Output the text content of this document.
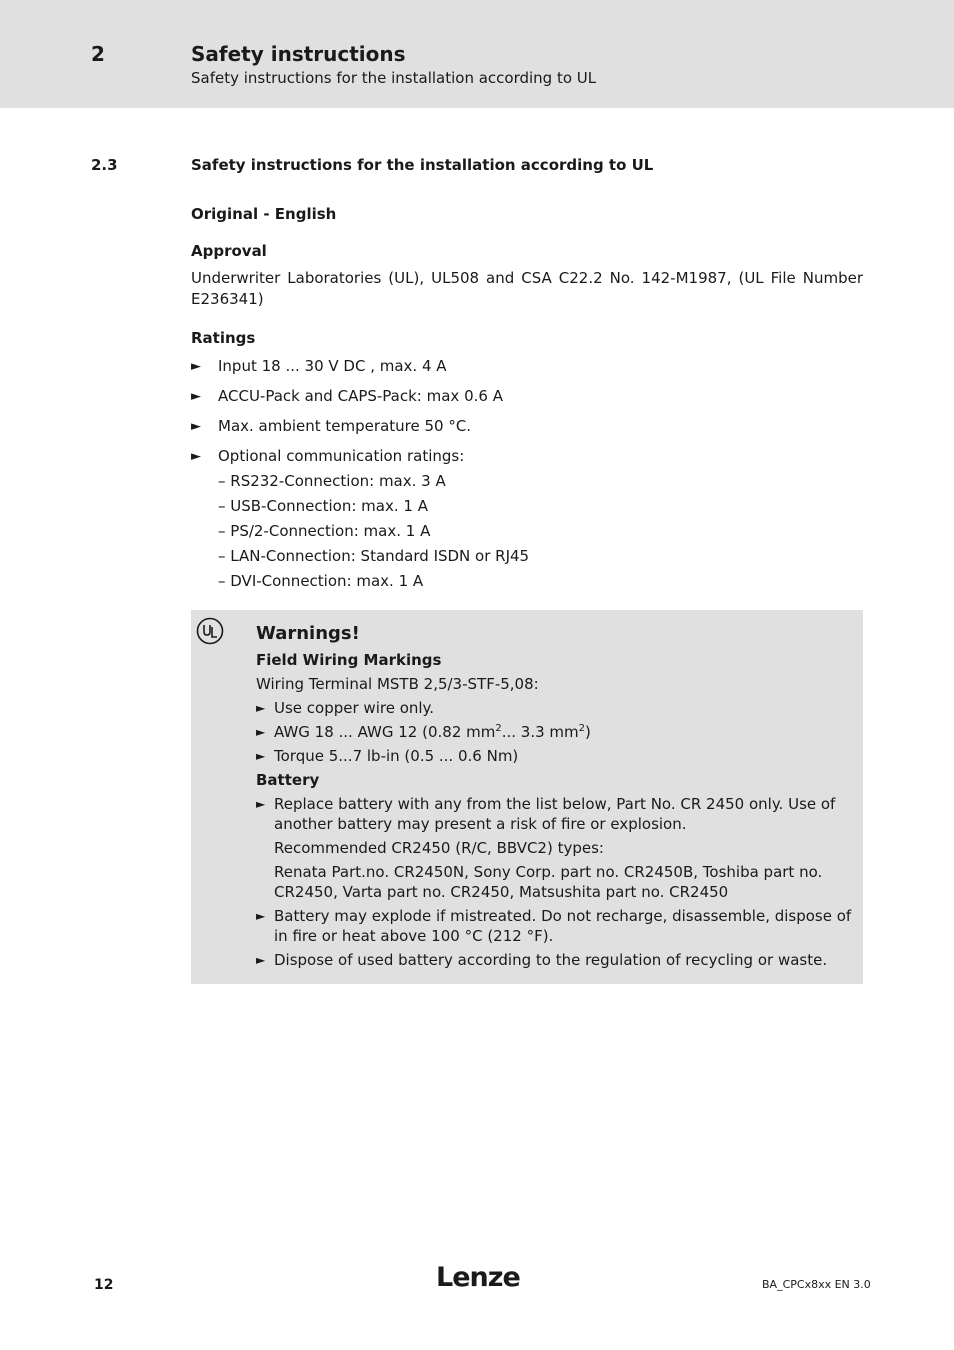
2	Safety instructions
Safety instructions for the installation according to UL
2.3	Safety instructions for the installation according to UL

Original - English

Approval

Underwriter Laboratories (UL), UL508 and CSA C22.2 No. 142-M1987, (UL File Number E236341)

Ratings

► Input 18 ... 30 V DC , max. 4 A
► ACCU-Pack and CAPS-Pack: max 0.6 A
► Max. ambient temperature 50 °C.
► Optional communication ratings:
– RS232-Connection: max. 3 A
– USB-Connection: max. 1 A
– PS/2-Connection: max. 1 A
– LAN-Connection: Standard ISDN or RJ45
– DVI-Connection: max. 1 A

Warnings!

Field Wiring Markings

Wiring Terminal MSTB 2,5/3-STF-5,08:

► Use copper wire only.
► AWG 18 ... AWG 12 (0.82 $mm^2$... 3.3 $mm^2$)
► Torque 5...7 lb-in (0.5 ... 0.6 Nm)

Battery

► Replace battery with any from the list below, Part No. CR 2450 only. Use of another battery may present a risk of fire or explosion.

Recommended CR2450 (R/C, BBVC2) types:

Renata Part.no. CR2450N, Sony Corp. part no. CR2450B, Toshiba part no. CR2450, Varta part no. CR2450, Matsushita part no. CR2450

► Battery may explode if mistreated. Do not recharge, disassemble, dispose of in fire or heat above 100 °C (212 °F).
► Dispose of used battery according to the regulation of recycling or waste.
12	Lenze	BA_CPCx8xx EN 3.0
